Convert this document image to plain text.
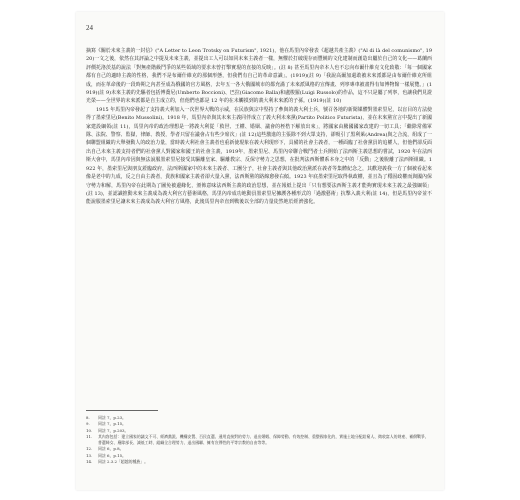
24

摘寫《關於未來主義的一封信》("A Letter to Leon Trotsky on Futurism", 1921)，他在馬里內帝發表《超越共產主義》("Al di là del comunismo", 1920)一文之後，依然在其評論之中提及未來主義，並提出工人可以如同未來主義者一樣，無懼於打破現存而豐饒的文化建制而創造出屬於自己的文化——葛蘭西評價托洛茨基的說法「對無產階級鬥爭的某些領域的要求未曾打擊實現的直接的反映」。(註 8) 甚至馬里內帝本人也不忘向布爾什維克文化致敬：「每一個國家都有自己的適時主義的性格，我們不是布爾什維克的那個形態，但我們有自己的革命意識」。(1919)(註 9)「我說高爾加還敢被未來派都是由布爾什維克所組成，而在革命後的一段時期之內甚至成為俄國的官方風格，去年五一各大俄國城市的都充滿了未來派風格的宣傳畫、列寧專車被畫得有如博物館一樣展覽。」(1919)(註 9)未來主義的先驅者包括博喬尼(Umberto Boccioni)、巴拉(Giacomo Balla)和盧梭羅(Luigi Russolo)的作品，這不只是屬了列寧，也讓我們見證光榮——全世界的未來派都是自主成立的，但他們也都是 12 年的在未觸摸到的義大利未來派的子孫。(1919)(註 10)

1915 年馬里內帝發起了支持義大利加入一次世界大戰的示威，在民族與宗中堅持了參與的義大利士兵，號召各地的新聞媒體對墨索里尼，以盲目的方法使得了墨索里尼(Benito Mussolini)。1918 年，馬里內帝與其未來主義同伴成立了義大利未來黨(Partito Politico Futurista)，並在未來黨宣言中提出了新國家建設綱領(註 11)，馬里內帝的政治理想是一將義大利從「救世、王權、婚姻、議會的桎梏下解放出來」，將國家由騰國國家改建的一切工具；「繼除常備軍隊、法院、警察、監獄，律師、教授，學者只留在議會占有些少席次」(註 12)這些激進的主張除不到大眾支持，卻吸引了黑利萊(Andrea)與之合流，組成了一個聯盟組織的大舉發動人的政治力量，當時義大利社會主義者也重新使現象在義大利現形下，具備的社會主義者，一種面臨了社會黨員的追權人，但他們卻反面出自己未來主義支持者們的社會黨人對國家和國王的社會主義，1919年，墨索里尼、馬里內帝聯合戰鬥者士兵開始了法西斯主義思想的嘗試，1920 年在法西斯大會中，馬里內帝因與無法說服墨索里尼接受其驅離皇家、驅離教宗、反保守勢力之思想，在批判法西斯體系本身之中的「反動」之後脫離了法西斯組織。1922 年，墨索里尼與朋友蒞臨政府，法西斯國家中的未來主義者、工團分子，社會主義者與其他政治黨派在義者等集體紀念之，其歡迎義我一方了個被看起來像是老中的九成，反之自由主義者，貴族和國家主義者卻大量入黨，法西斯黨的路線愈發右傾。1923 年底墨索里尼取得執政權，並且為了穩固政權而與國內保守勢力和解，馬里內帝在此期為了圖免被邊緣化，頒佈意味法西斯主義的政治思想，並在報紙上提出「只有想要法西斯主義才能夠實現未來主義之最強綱領」(註 13)，並認識推動未來主義成為義大利官方藝術風格，馬里內帝成功地動員墨索里尼擁護各種形式的「過激藝術」抗擊入義大利(註 14)，但是馬里內帝並不能說服墨索里尼讓未來主義成為義大利官方風格，此後馬里內帝直到戰後以全部的力量徒然地於經濟強化。

8.	同註 7，p.23。
9.	同註 7，p.15。
10.	同註 7，p.203。
11.	其內容包括：建立國家的議文不可、經濟黨派、機構安置、百民直選、通用直接對的勞力、退出婚姻、保障勞動、有效控制、重整國家化的，實施土地分配給窮人、徵收富人的財產、補償戰爭、普選婦女、廢除部長、減低工時、組織全合理勞力、退出國聯、擁有宣傳性的平等宗教的自由等等。
12.	同註 6，p.8。
13.	同註 6，p.15。
14.	同註 2.3.2「超越的種族」。
